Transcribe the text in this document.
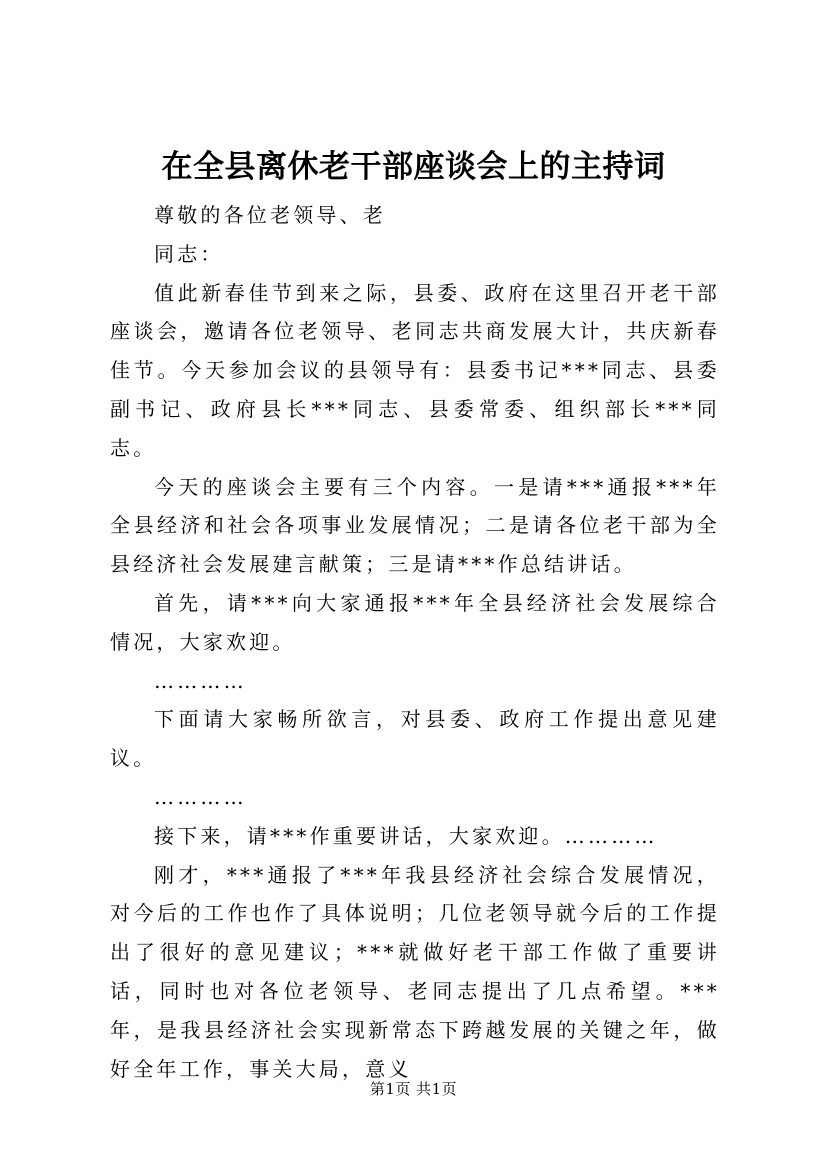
在全县离休老干部座谈会上的主持词

尊敬的各位老领导、老

同志：

值此新春佳节到来之际，县委、政府在这里召开老干部座谈会，邀请各位老领导、老同志共商发展大计，共庆新春佳节。今天参加会议的县领导有：县委书记***同志、县委副书记、政府县长***同志、县委常委、组织部长***同志。

今天的座谈会主要有三个内容。一是请***通报***年全县经济和社会各项事业发展情况；二是请各位老干部为全县经济社会发展建言献策；三是请***作总结讲话。

首先，请***向大家通报***年全县经济社会发展综合情况，大家欢迎。

…………

下面请大家畅所欲言，对县委、政府工作提出意见建议。

…………

接下来，请***作重要讲话，大家欢迎。…………

刚才，***通报了***年我县经济社会综合发展情况，对今后的工作也作了具体说明；几位老领导就今后的工作提出了很好的意见建议；***就做好老干部工作做了重要讲话，同时也对各位老领导、老同志提出了几点希望。***年，是我县经济社会实现新常态下跨越发展的关键之年，做好全年工作，事关大局，意义

第1页 共1页
